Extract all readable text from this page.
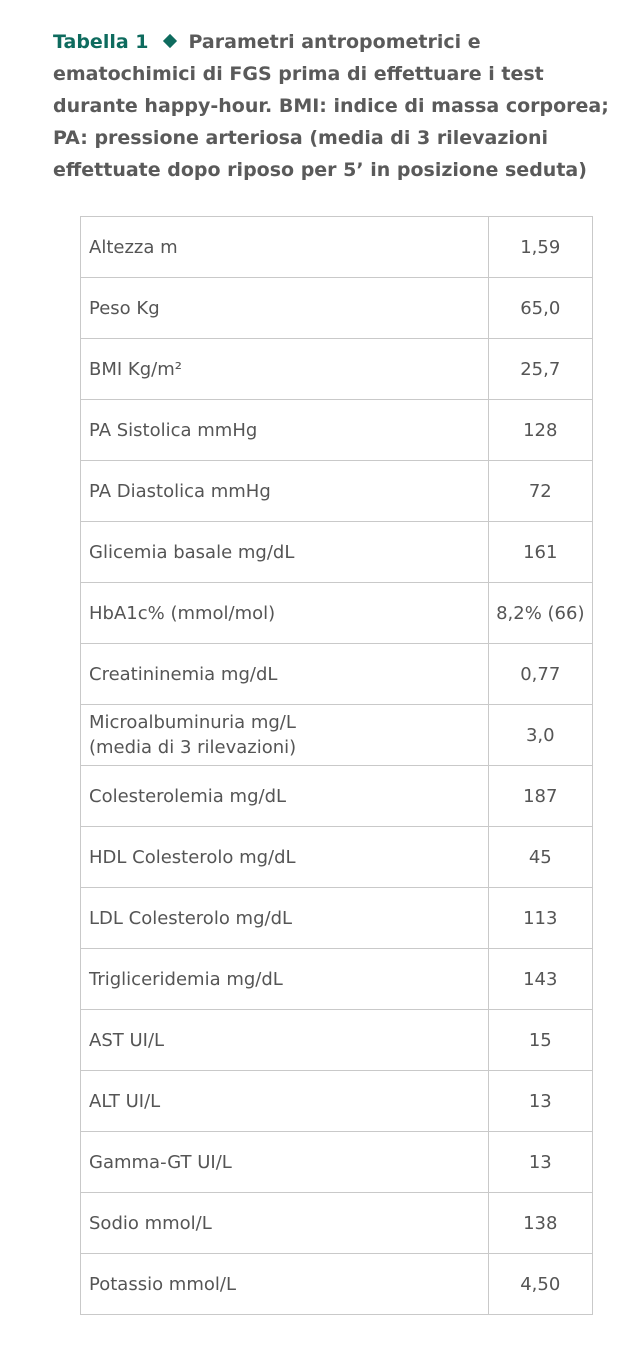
Tabella 1 Parametri antropometrici e ematochimici di FGS prima di effettuare i test durante happy-hour. BMI: indice di massa corporea; PA: pressione arteriosa (media di 3 rilevazioni effettuate dopo riposo per 5’ in posizione seduta)
Altezza m	1,59
Peso Kg	65,0
BMI Kg/m²	25,7
PA Sistolica mmHg	128
PA Diastolica mmHg	72
Glicemia basale mg/dL	161
HbA1c% (mmol/mol)	8,2% (66)
Creatininemia mg/dL	0,77
Microalbuminuria mg/L
(media di 3 rilevazioni)	3,0
Colesterolemia mg/dL	187
HDL Colesterolo mg/dL	45
LDL Colesterolo mg/dL	113
Trigliceridemia mg/dL	143
AST UI/L	15
ALT UI/L	13
Gamma-GT UI/L	13
Sodio mmol/L	138
Potassio mmol/L	4,50
